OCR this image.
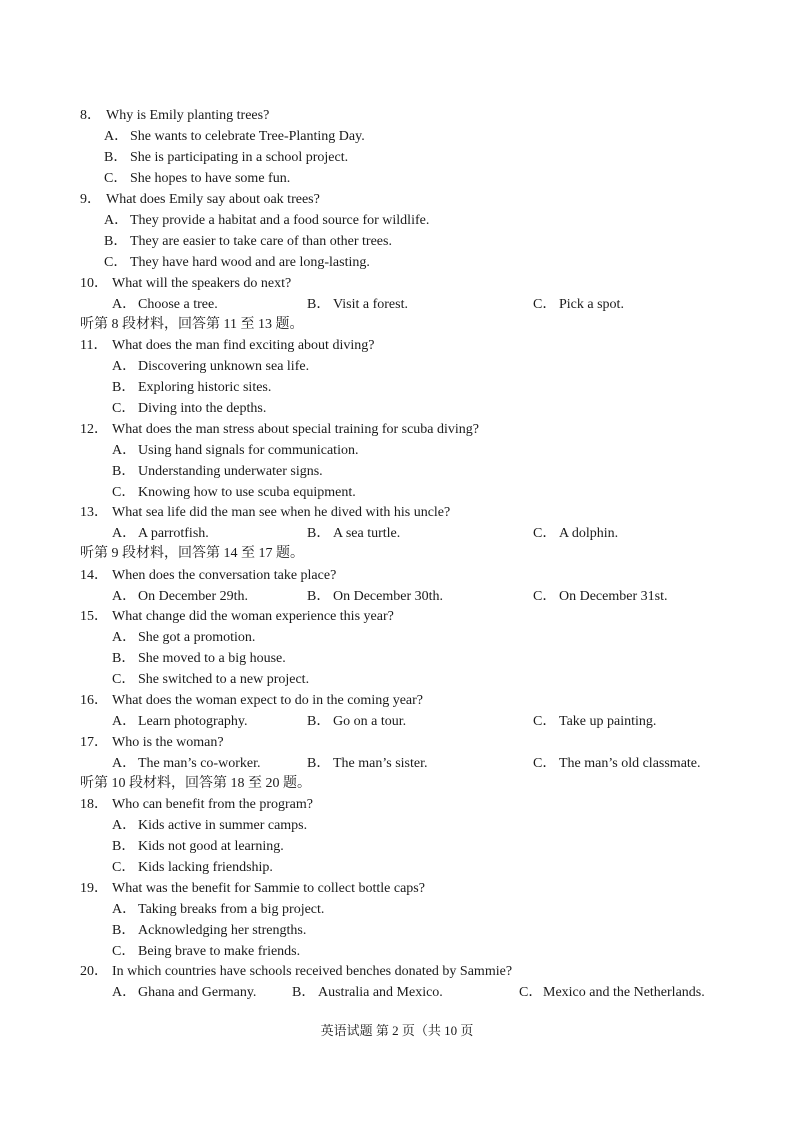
8． Why is Emily planting trees?
A． She wants to celebrate Tree-Planting Day.
B． She is participating in a school project.
C． She hopes to have some fun.
9． What does Emily say about oak trees?
A． They provide a habitat and a food source for wildlife.
B． They are easier to take care of than other trees.
C． They have hard wood and are long-lasting.
10． What will the speakers do next?
A． Choose a tree.	B． Visit a forest.	C． Pick a spot.
听第 8 段材料，回答第 11 至 13 题。
11． What does the man find exciting about diving?
A． Discovering unknown sea life.
B． Exploring historic sites.
C． Diving into the depths.
12． What does the man stress about special training for scuba diving?
A． Using hand signals for communication.
B． Understanding underwater signs.
C． Knowing how to use scuba equipment.
13． What sea life did the man see when he dived with his uncle?
A． A parrotfish.	B． A sea turtle.	C． A dolphin.
听第 9 段材料，回答第 14 至 17 题。
14． When does the conversation take place?
A． On December 29th.	B． On December 30th.	C． On December 31st.
15． What change did the woman experience this year?
A． She got a promotion.
B． She moved to a big house.
C． She switched to a new project.
16． What does the woman expect to do in the coming year?
A． Learn photography.	B． Go on a tour.	C． Take up painting.
17． Who is the woman?
A． The man’s co-worker.	B． The man’s sister.	C． The man’s old classmate.
听第 10 段材料，回答第 18 至 20 题。
18． Who can benefit from the program?
A． Kids active in summer camps.
B． Kids not good at learning.
C． Kids lacking friendship.
19． What was the benefit for Sammie to collect bottle caps?
A． Taking breaks from a big project.
B． Acknowledging her strengths.
C． Being brave to make friends.
20． In which countries have schools received benches donated by Sammie?
A． Ghana and Germany.	B． Australia and Mexico.	C． Mexico and the Netherlands.
英语试题 第 2 页（共 10 页
